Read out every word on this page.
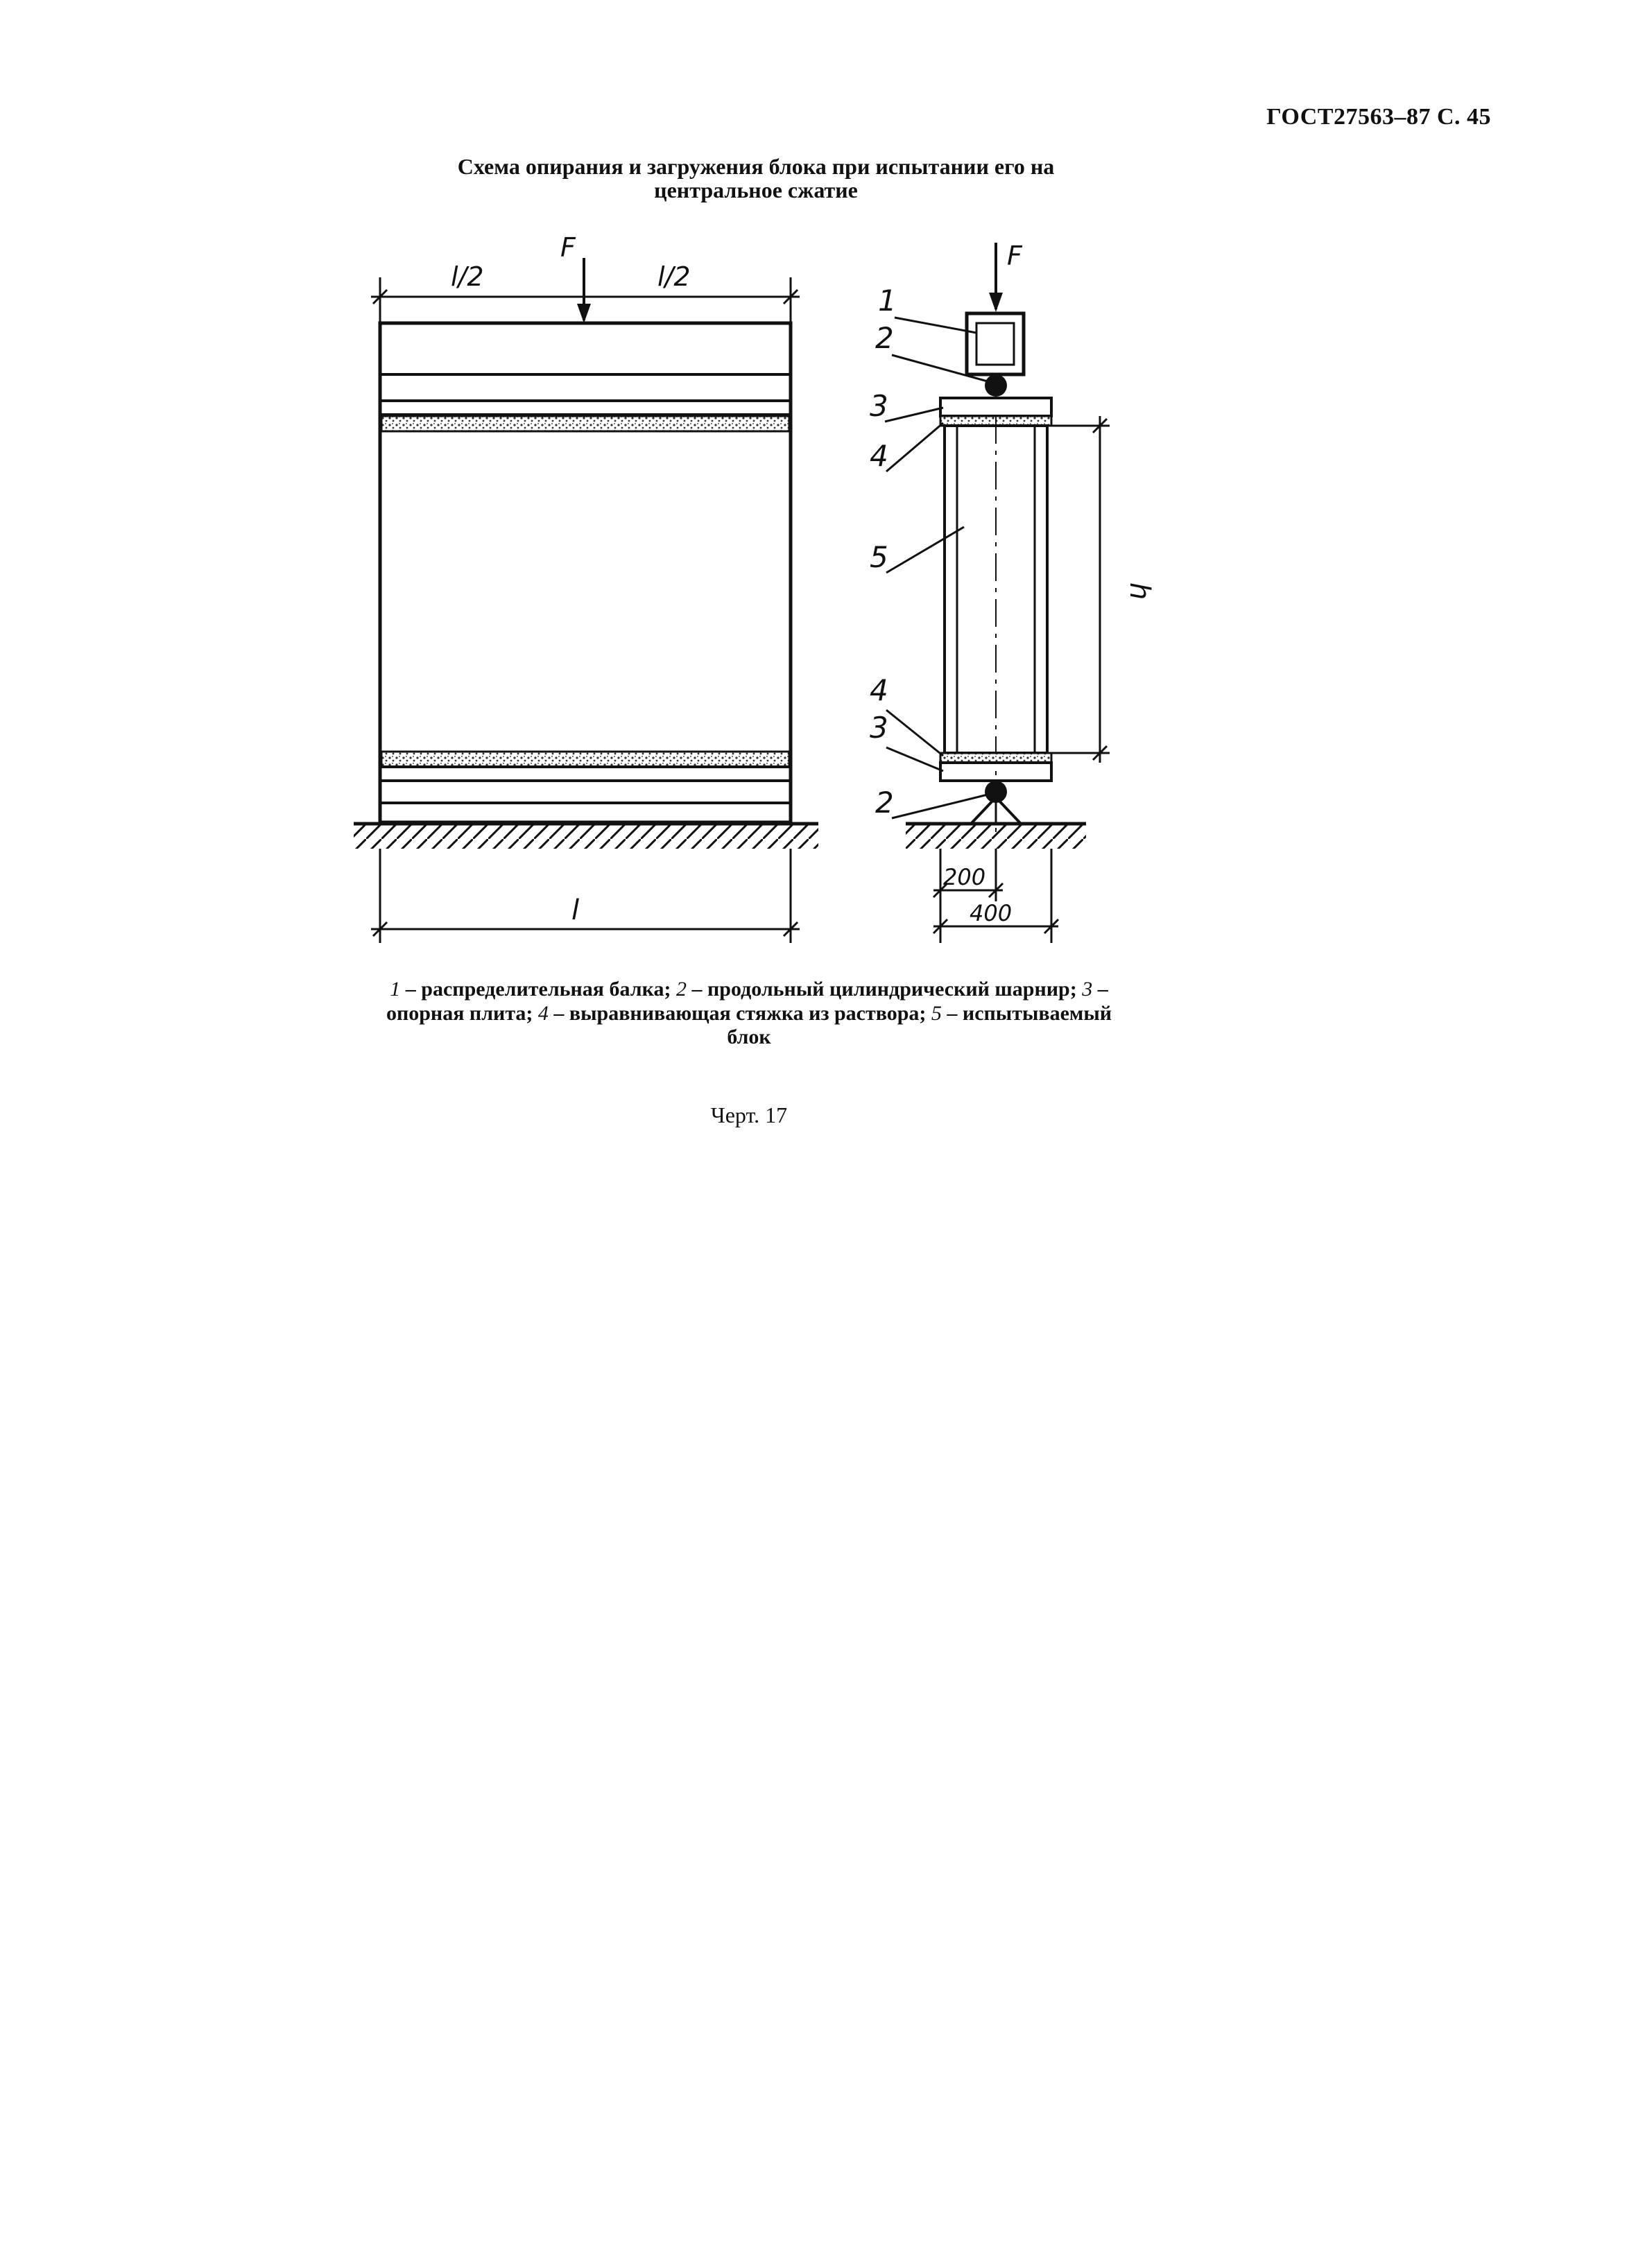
ГОСТ27563–87 С. 45
Схема опирания и загружения блока при испытании его на
центральное сжатие
F
l/2	l/2
l
F
1
2
3
4
5
4
3
2
h
200
400
1 – распределительная балка; 2 – продольный цилиндрический шарнир; 3 – опорная плита; 4 – выравнивающая стяжка из раствора; 5 – испытываемый блок
Черт. 17
